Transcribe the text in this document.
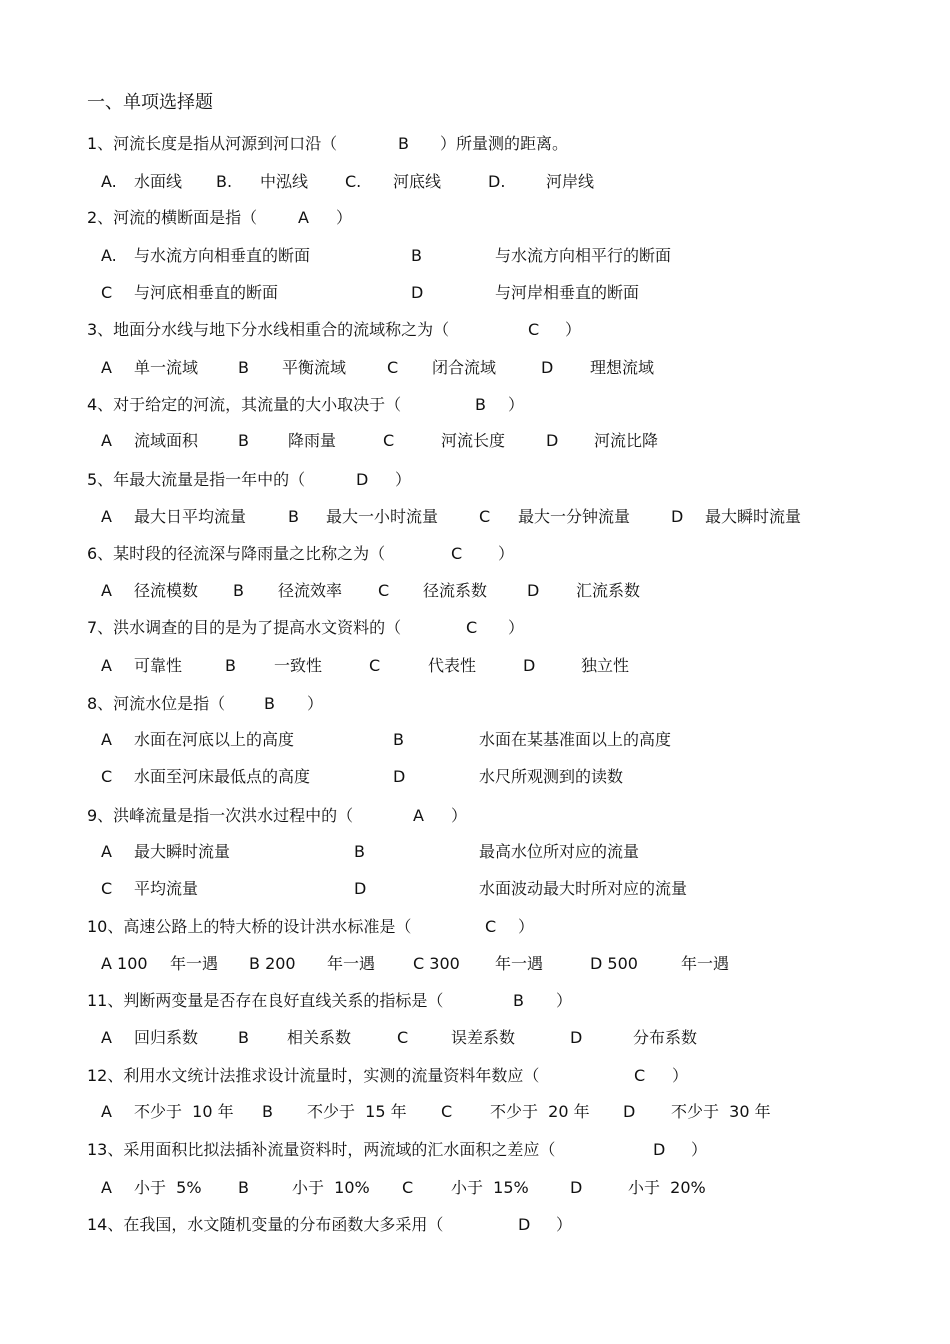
一、单项选择题
1、河流长度是指从河源到河口沿（	B ）所量测的距离。
A. 水面线 B. 中泓线 C. 河底线	D.	河岸线
2、河流的横断面是指（	A ）
A. 与水流方向相垂直的断面	B	与水流方向相平行的断面
C 与河底相垂直的断面	D	与河岸相垂直的断面
3、地面分水线与地下分水线相重合的流域称之为（	C ）
A 单一流域 B 平衡流域	C 闭合流域	D 理想流域
4、对于给定的河流，其流量的大小取决于（	B ）
A 流域面积 B 降雨量	C	河流长度	D 河流比降
5、年最大流量是指一年中的（	D ）
A 最大日平均流量	B 最大一小时流量	C 最大一分钟流量	D 最大瞬时流量
6、某时段的径流深与降雨量之比称之为（	C ）
A 径流模数 B 径流效率 C 径流系数 D 汇流系数
7、洪水调查的目的是为了提高水文资料的（	C ）
A 可靠性	B 一致性	C	代表性	D	独立性
8、河流水位是指（ B ）
A 水面在河底以上的高度	B	水面在某基准面以上的高度
C 水面至河床最低点的高度	D	水尺所观测到的读数
9、洪峰流量是指一次洪水过程中的（	A ）
A 最大瞬时流量	B	最高水位所对应的流量
C 平均流量	D	水面波动最大时所对应的流量
10、高速公路上的特大桥的设计洪水标准是（	C ）
A 100 年一遇 B 200 年一遇 C 300 年一遇	D 500	年一遇
11、判断两变量是否存在良好直线关系的指标是（	B ）
A 回归系数 B 相关系数	C	误差系数	D	分布系数
12、利用水文统计法推求设计流量时，实测的流量资料年数应（	C ）
A 不少于  10 年 B 不少于  15 年 C 不少于  20 年 D 不少于  30 年
13、采用面积比拟法插补流量资料时，两流域的汇水面积之差应（	D ）
A 小于  5% B	小于  10% C 小于  15%	D	小于  20%
14、在我国，水文随机变量的分布函数大多采用（	D ）
